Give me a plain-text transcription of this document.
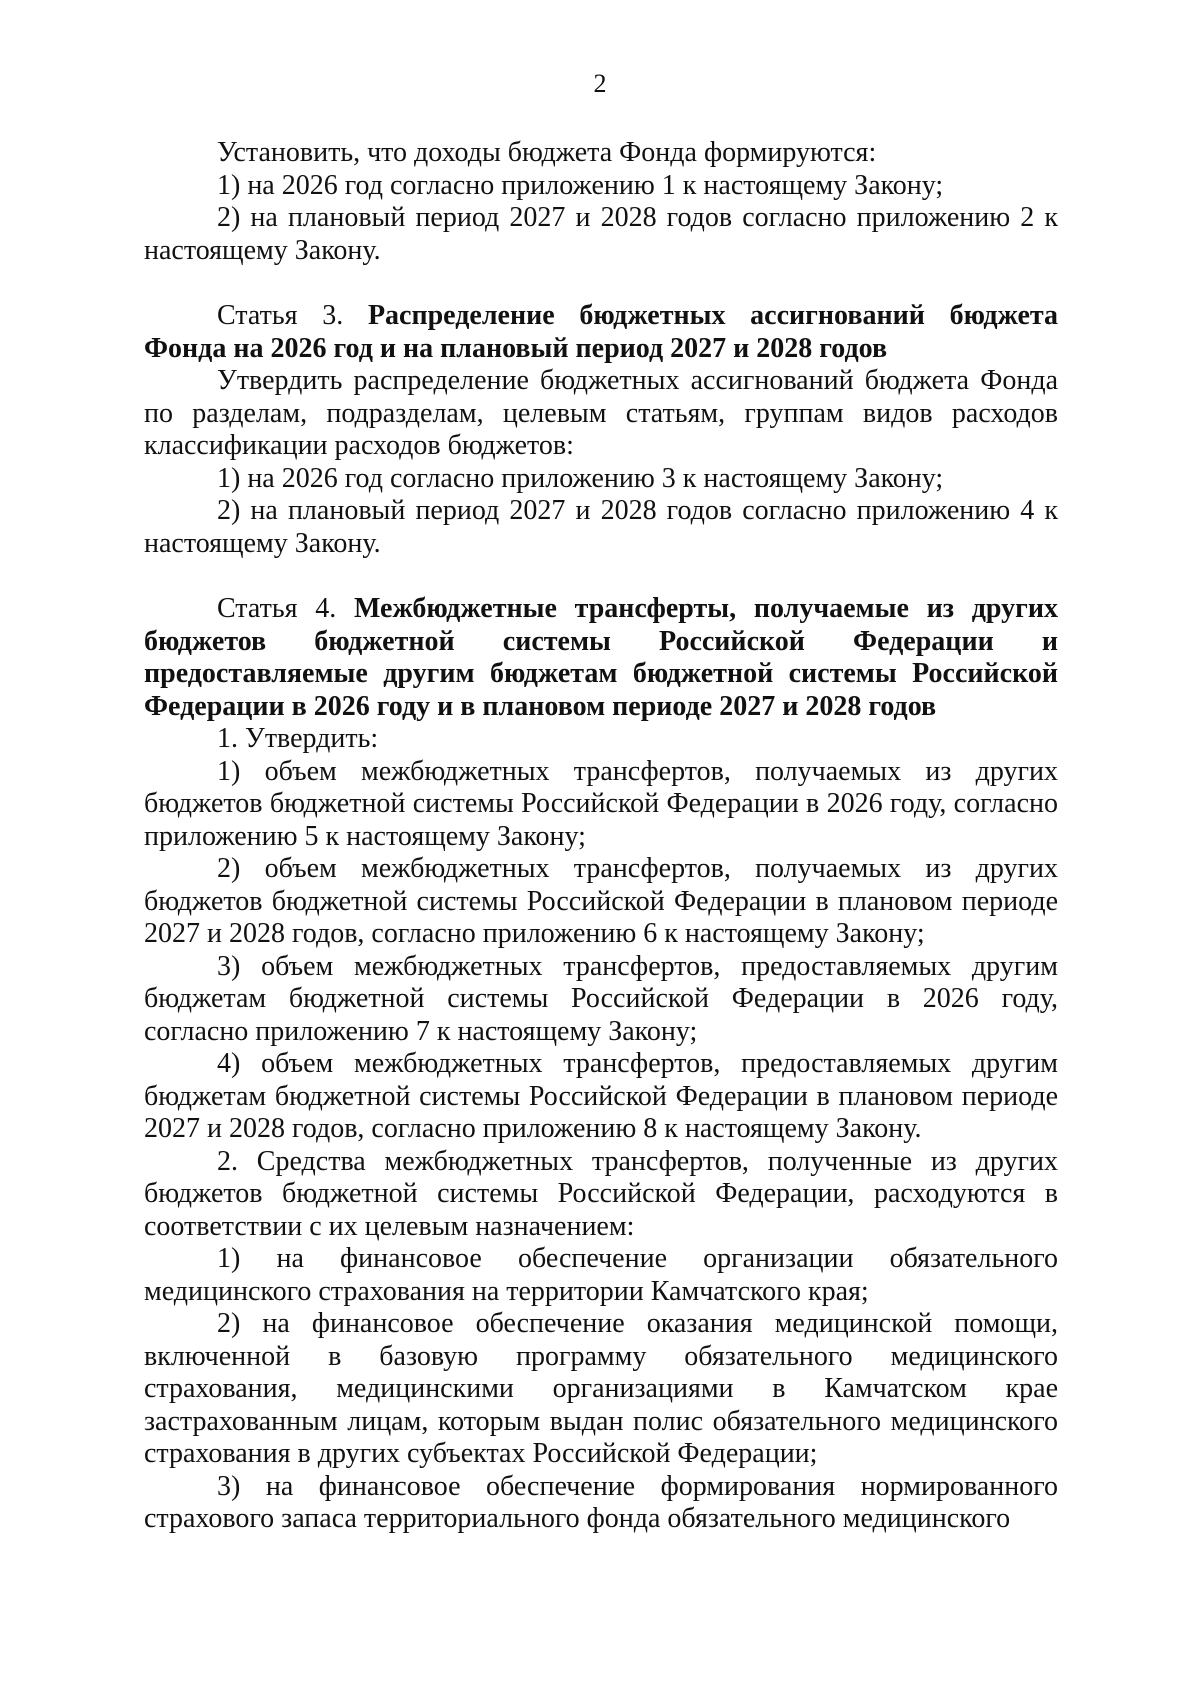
2

Установить, что доходы бюджета Фонда формируются:

1) на 2026 год согласно приложению 1 к настоящему Закону;

2) на плановый период 2027 и 2028 годов согласно приложению 2 к настоящему Закону.

Статья 3. Распределение бюджетных ассигнований бюджета Фонда на 2026 год и на плановый период 2027 и 2028 годов

Утвердить распределение бюджетных ассигнований бюджета Фонда по разделам, подразделам, целевым статьям, группам видов расходов классификации расходов бюджетов:

1) на 2026 год согласно приложению 3 к настоящему Закону;

2) на плановый период 2027 и 2028 годов согласно приложению 4 к настоящему Закону.

Статья 4. Межбюджетные трансферты, получаемые из других бюджетов бюджетной системы Российской Федерации и предоставляемые другим бюджетам бюджетной системы Российской Федерации в 2026 году и в плановом периоде 2027 и 2028 годов

1. Утвердить:

1) объем межбюджетных трансфертов, получаемых из других бюджетов бюджетной системы Российской Федерации в 2026 году, согласно приложению 5 к настоящему Закону;

2) объем межбюджетных трансфертов, получаемых из других бюджетов бюджетной системы Российской Федерации в плановом периоде 2027 и 2028 годов, согласно приложению 6 к настоящему Закону;

3) объем межбюджетных трансфертов, предоставляемых другим бюджетам бюджетной системы Российской Федерации в 2026 году, согласно приложению 7 к настоящему Закону;

4) объем межбюджетных трансфертов, предоставляемых другим бюджетам бюджетной системы Российской Федерации в плановом периоде 2027 и 2028 годов, согласно приложению 8 к настоящему Закону.

2. Средства межбюджетных трансфертов, полученные из других бюджетов бюджетной системы Российской Федерации, расходуются в соответствии с их целевым назначением:

1) на финансовое обеспечение организации обязательного медицинского страхования на территории Камчатского края;

2) на финансовое обеспечение оказания медицинской помощи, включенной в базовую программу обязательного медицинского страхования, медицинскими организациями в Камчатском крае застрахованным лицам, которым выдан полис обязательного медицинского страхования в других субъектах Российской Федерации;

3) на финансовое обеспечение формирования нормированного страхового запаса территориального фонда обязательного медицинского
